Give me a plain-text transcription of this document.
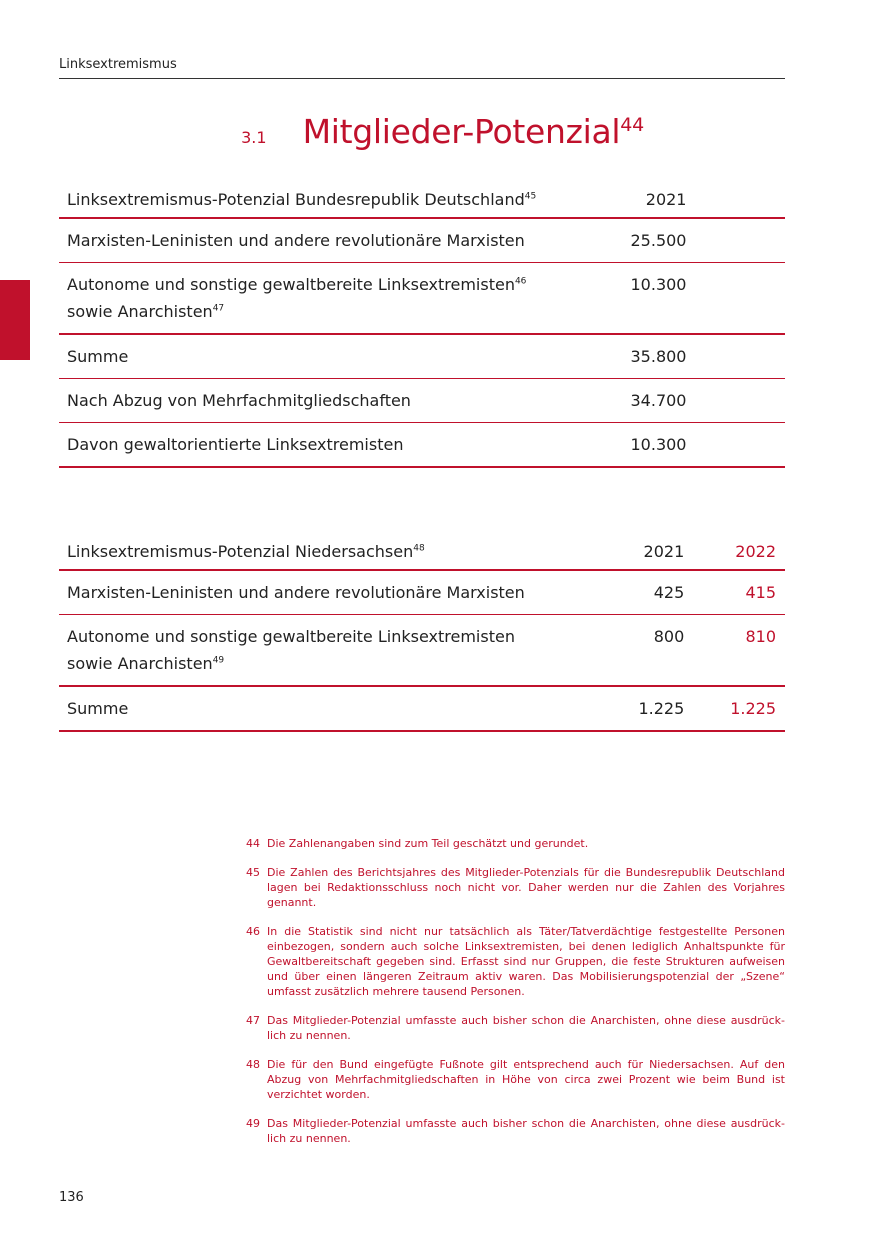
Linksextremismus
3.1 Mitglieder-Potenzial$^{44}$
Linksextremismus-Potenzial Bundesrepublik Deutschland$^{45}$	2021	
Marxisten-Leninisten und andere revolutionäre Marxisten	25.500	
Autonome und sonstige gewaltbereite Linksextremisten$^{46}$
sowie Anarchisten$^{47}$	10.300	
Summe	35.800	
Nach Abzug von Mehrfachmitgliedschaften	34.700	
Davon gewaltorientierte Linksextremisten	10.300	
Linksextremismus-Potenzial Niedersachsen$^{48}$	2021	2022
Marxisten-Leninisten und andere revolutionäre Marxisten	425	415
Autonome und sonstige gewaltbereite Linksextremisten
sowie Anarchisten$^{49}$	800	810
Summe	1.225	1.225
44 Die Zahlenangaben sind zum Teil geschätzt und gerundet.
45 Die Zahlen des Berichtsjahres des Mitglieder-Potenzials für die Bundesrepublik Deutschland lagen bei Redaktionsschluss noch nicht vor. Daher werden nur die Zahlen des Vorjahres genannt.
46 In die Statistik sind nicht nur tatsächlich als Täter/Tatverdächtige festgestellte Personen einbezogen, sondern auch solche Linksextremisten, bei denen lediglich Anhaltspunkte für Gewaltbereitschaft gegeben sind. Erfasst sind nur Gruppen, die feste Strukturen aufweisen und über einen längeren Zeitraum aktiv waren. Das Mobilisierungspotenzial der „Szene“ umfasst zusätzlich mehrere tausend Personen.
47 Das Mitglieder-Potenzial umfasste auch bisher schon die Anarchisten, ohne diese ausdrück-lich zu nennen.
48 Die für den Bund eingefügte Fußnote gilt entsprechend auch für Niedersachsen. Auf den Abzug von Mehrfachmitgliedschaften in Höhe von circa zwei Prozent wie beim Bund ist verzichtet worden.
49 Das Mitglieder-Potenzial umfasste auch bisher schon die Anarchisten, ohne diese ausdrück-lich zu nennen.
136
